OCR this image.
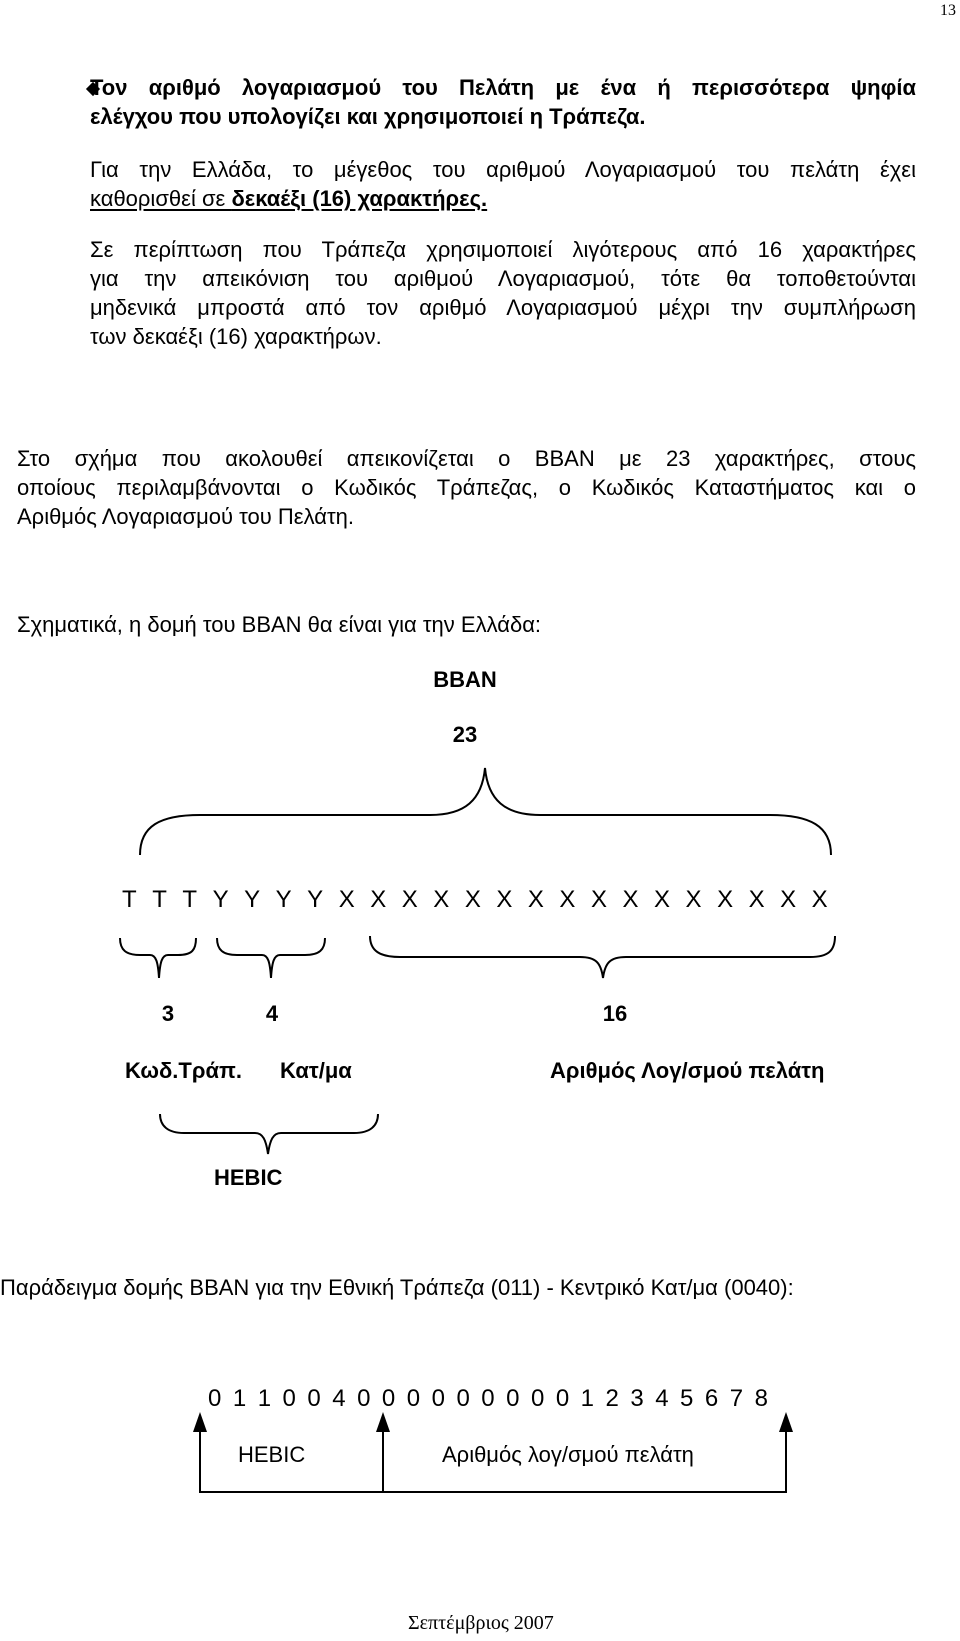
13
Τον αριθμό λογαριασμού του Πελάτη με ένα ή περισσότερα ψηφία
ελέγχου που υπολογίζει και χρησιμοποιεί η Τράπεζα.
Για την Ελλάδα, το μέγεθος του αριθμού Λογαριασμού του πελάτη έχει
καθορισθεί σε δεκαέξι (16) χαρακτήρες.
Σε περίπτωση που Τράπεζα χρησιμοποιεί λιγότερους από 16 χαρακτήρες
για την απεικόνιση του αριθμού Λογαριασμού, τότε θα τοποθετούνται
μηδενικά μπροστά από τον αριθμό Λογαριασμού μέχρι την συμπλήρωση
των δεκαέξι (16) χαρακτήρων.
Στο σχήμα που ακολουθεί απεικονίζεται ο BBAN με 23 χαρακτήρες, στους
οποίους περιλαμβάνονται ο Κωδικός Τράπεζας, ο Κωδικός Καταστήματος και ο
Αριθμός Λογαριασμού του Πελάτη.
Σχηματικά, η δομή του BBAN θα είναι για την Ελλάδα:
BBAN
23
T T T Y Y Y Y X X X X X X X X X X X X X X X X
3	4	16
Κωδ.Τράπ. Κατ/μα	Αριθμός Λογ/σμού πελάτη
HEBIC
Παράδειγμα δομής BBAN για την Εθνική Τράπεζα (011) - Κεντρικό Κατ/μα (0040):
0 1 1 0 0 4 0 0 0 0 0 0 0 0 0 1 2 3 4 5 6 7 8
HEBIC	Αριθμός λογ/σμού πελάτη
Σεπτέμβριος 2007
